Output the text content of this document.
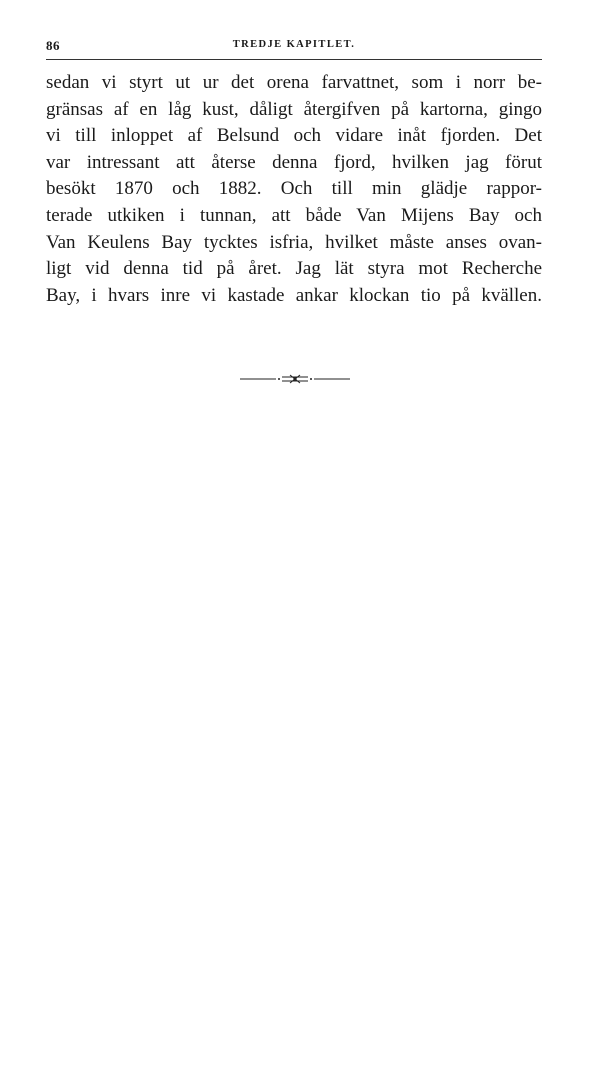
86	TREDJE KAPITLET.

sedan vi styrt ut ur det orena farvattnet, som i norr be-
gränsas af en låg kust, dåligt återgifven på kartorna, gingo
vi till inloppet af Belsund och vidare inåt fjorden. Det
var intressant att återse denna fjord, hvilken jag förut
besökt 1870 och 1882. Och till min glädje rappor-
terade utkiken i tunnan, att både Van Mijens Bay och
Van Keulens Bay tycktes isfria, hvilket måste anses ovan-
ligt vid denna tid på året. Jag lät styra mot Recherche
Bay, i hvars inre vi kastade ankar klockan tio på kvällen.
